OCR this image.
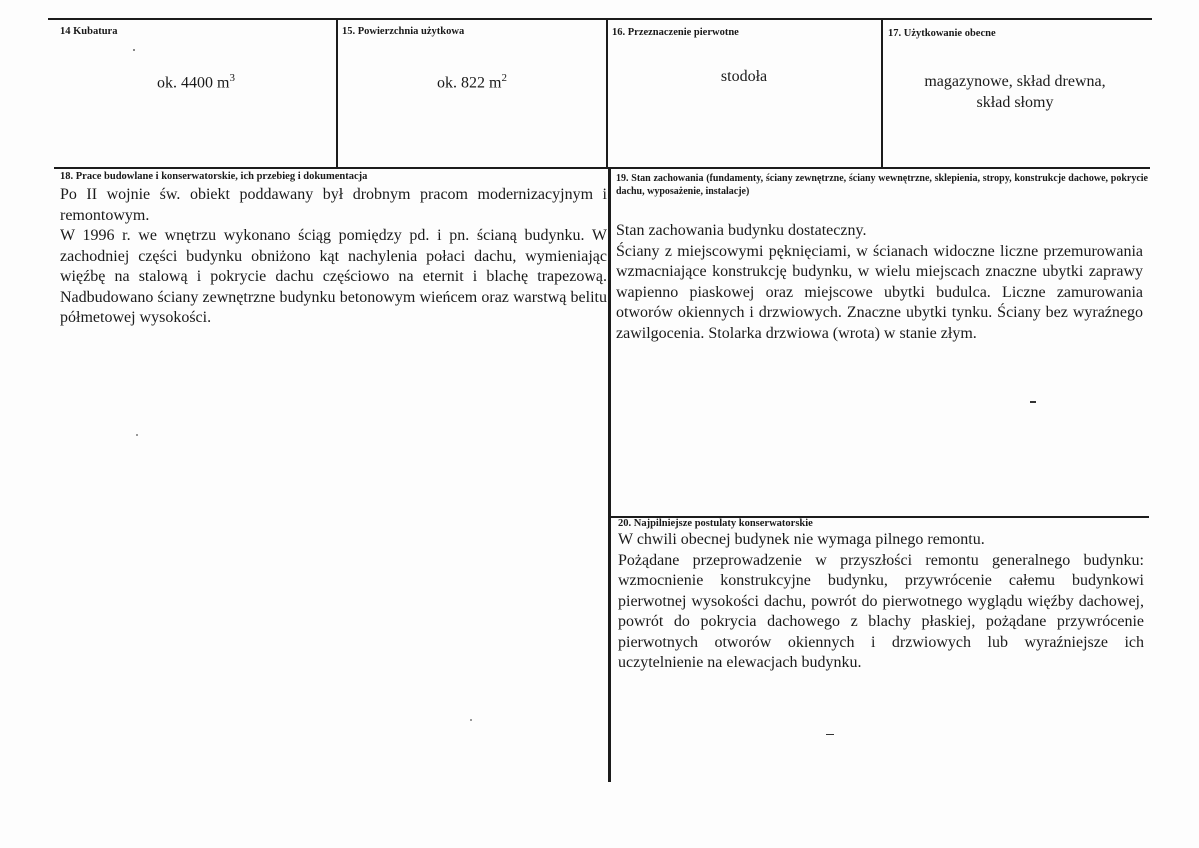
14 Kubatura
ok. 4400 $m^3$
15. Powierzchnia użytkowa
ok. 822 $m^2$
16. Przeznaczenie pierwotne
stodoła
17. Użytkowanie obecne
magazynowe, skład drewna,
skład słomy
18. Prace budowlane i konserwatorskie, ich przebieg i dokumentacja

Po II wojnie św. obiekt poddawany był drobnym pracom modernizacyjnym i remontowym.

W 1996 r. we wnętrzu wykonano ściąg pomiędzy pd. i pn. ścianą budynku. W zachodniej części budynku obniżono kąt nachylenia połaci dachu, wymieniając więźbę na stalową i pokrycie dachu częściowo na eternit i blachę trapezową. Nadbudowano ściany zewnętrzne budynku betonowym wieńcem oraz warstwą belitu półmetowej wysokości.

19. Stan zachowania (fundamenty, ściany zewnętrzne, ściany wewnętrzne, sklepienia, stropy, konstrukcje dachowe, pokrycie dachu, wyposażenie, instalacje)

Stan zachowania budynku dostateczny.

Ściany z miejscowymi pęknięciami, w ścianach widoczne liczne przemurowania wzmacniające konstrukcję budynku, w wielu miejscach znaczne ubytki zaprawy wapienno piaskowej oraz miejscowe ubytki budulca. Liczne zamurowania otworów okiennych i drzwiowych. Znaczne ubytki tynku. Ściany bez wyraźnego zawilgocenia. Stolarka drzwiowa (wrota) w stanie złym.

20. Najpilniejsze postulaty konserwatorskie

W chwili obecnej budynek nie wymaga pilnego remontu.

Pożądane przeprowadzenie w przyszłości remontu generalnego budynku: wzmocnienie konstrukcyjne budynku, przywrócenie całemu budynkowi pierwotnej wysokości dachu, powrót do pierwotnego wyglądu więźby dachowej, powrót do pokrycia dachowego z blachy płaskiej, pożądane przywrócenie pierwotnych otworów okiennych i drzwiowych lub wyraźniejsze ich uczytelnienie na elewacjach budynku.
